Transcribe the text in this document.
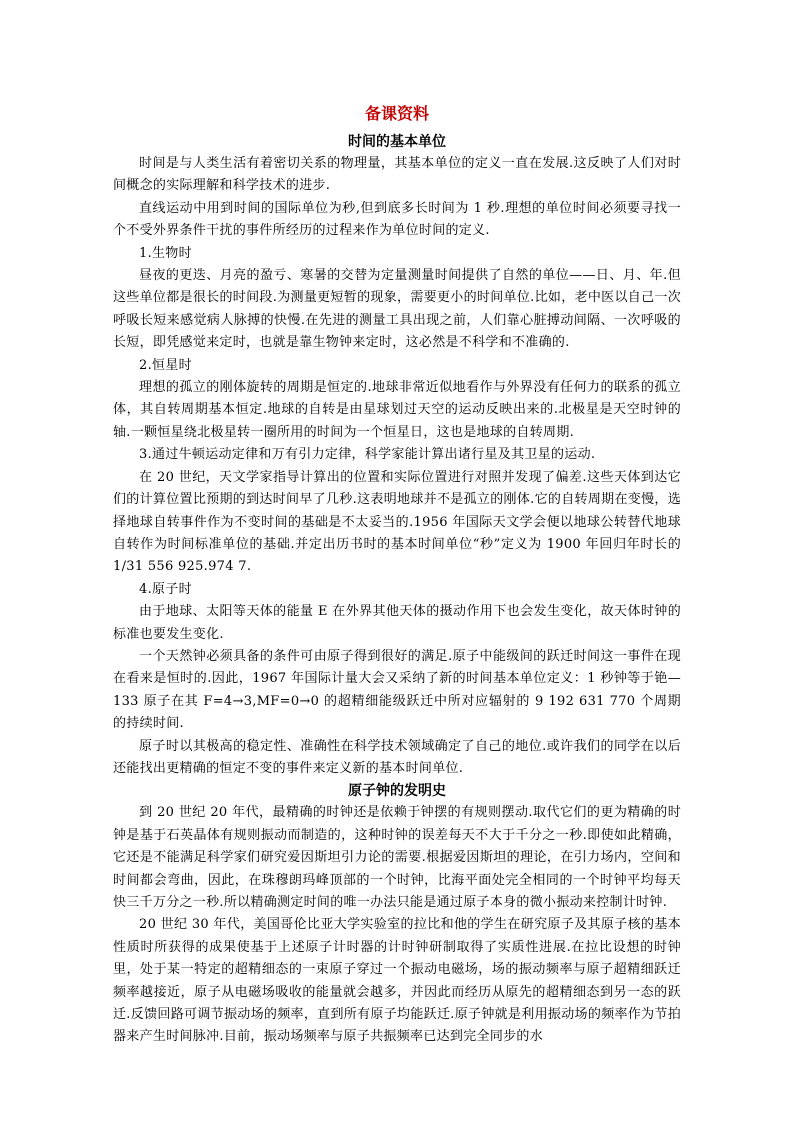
备课资料
时间的基本单位

时间是与人类生活有着密切关系的物理量，其基本单位的定义一直在发展.这反映了人们对时间概念的实际理解和科学技术的进步.

直线运动中用到时间的国际单位为秒,但到底多长时间为 1 秒.理想的单位时间必须要寻找一个不受外界条件干扰的事件所经历的过程来作为单位时间的定义.

1.生物时

昼夜的更迭、月亮的盈亏、寒暑的交替为定量测量时间提供了自然的单位——日、月、年.但这些单位都是很长的时间段.为测量更短暂的现象，需要更小的时间单位.比如，老中医以自己一次呼吸长短来感觉病人脉搏的快慢.在先进的测量工具出现之前，人们靠心脏搏动间隔、一次呼吸的长短，即凭感觉来定时，也就是靠生物钟来定时，这必然是不科学和不准确的.

2.恒星时

理想的孤立的刚体旋转的周期是恒定的.地球非常近似地看作与外界没有任何力的联系的孤立体，其自转周期基本恒定.地球的自转是由星球划过天空的运动反映出来的.北极星是天空时钟的轴.一颗恒星绕北极星转一圈所用的时间为一个恒星日，这也是地球的自转周期.

3.通过牛顿运动定律和万有引力定律，科学家能计算出诸行星及其卫星的运动.

在 20 世纪，天文学家指导计算出的位置和实际位置进行对照并发现了偏差.这些天体到达它们的计算位置比预期的到达时间早了几秒.这表明地球并不是孤立的刚体.它的自转周期在变慢，选择地球自转事件作为不变时间的基础是不太妥当的.1956 年国际天文学会便以地球公转替代地球自转作为时间标准单位的基础.并定出历书时的基本时间单位“秒”定义为 1900 年回归年时长的 1/31 556 925.974 7.

4.原子时

由于地球、太阳等天体的能量 E 在外界其他天体的摄动作用下也会发生变化，故天体时钟的标准也要发生变化.

一个天然钟必须具备的条件可由原子得到很好的满足.原子中能级间的跃迁时间这一事件在现在看来是恒时的.因此，1967 年国际计量大会又采纳了新的时间基本单位定义：1 秒钟等于铯—133 原子在其 F=4→3,MF=0→0 的超精细能级跃迁中所对应辐射的 9 192 631 770 个周期的持续时间.

原子时以其极高的稳定性、准确性在科学技术领域确定了自己的地位.或许我们的同学在以后还能找出更精确的恒定不变的事件来定义新的基本时间单位.

原子钟的发明史

到 20 世纪 20 年代，最精确的时钟还是依赖于钟摆的有规则摆动.取代它们的更为精确的时钟是基于石英晶体有规则振动而制造的，这种时钟的误差每天不大于千分之一秒.即使如此精确，它还是不能满足科学家们研究爱因斯坦引力论的需要.根据爱因斯坦的理论，在引力场内，空间和时间都会弯曲，因此，在珠穆朗玛峰顶部的一个时钟，比海平面处完全相同的一个时钟平均每天快三千万分之一秒.所以精确测定时间的唯一办法只能是通过原子本身的微小振动来控制计时钟.

20 世纪 30 年代，美国哥伦比亚大学实验室的拉比和他的学生在研究原子及其原子核的基本性质时所获得的成果使基于上述原子计时器的计时钟研制取得了实质性进展.在拉比设想的时钟里，处于某一特定的超精细态的一束原子穿过一个振动电磁场，场的振动频率与原子超精细跃迁频率越接近，原子从电磁场吸收的能量就会越多，并因此而经历从原先的超精细态到另一态的跃迁.反馈回路可调节振动场的频率，直到所有原子均能跃迁.原子钟就是利用振动场的频率作为节拍器来产生时间脉冲.目前，振动场频率与原子共振频率已达到完全同步的水
